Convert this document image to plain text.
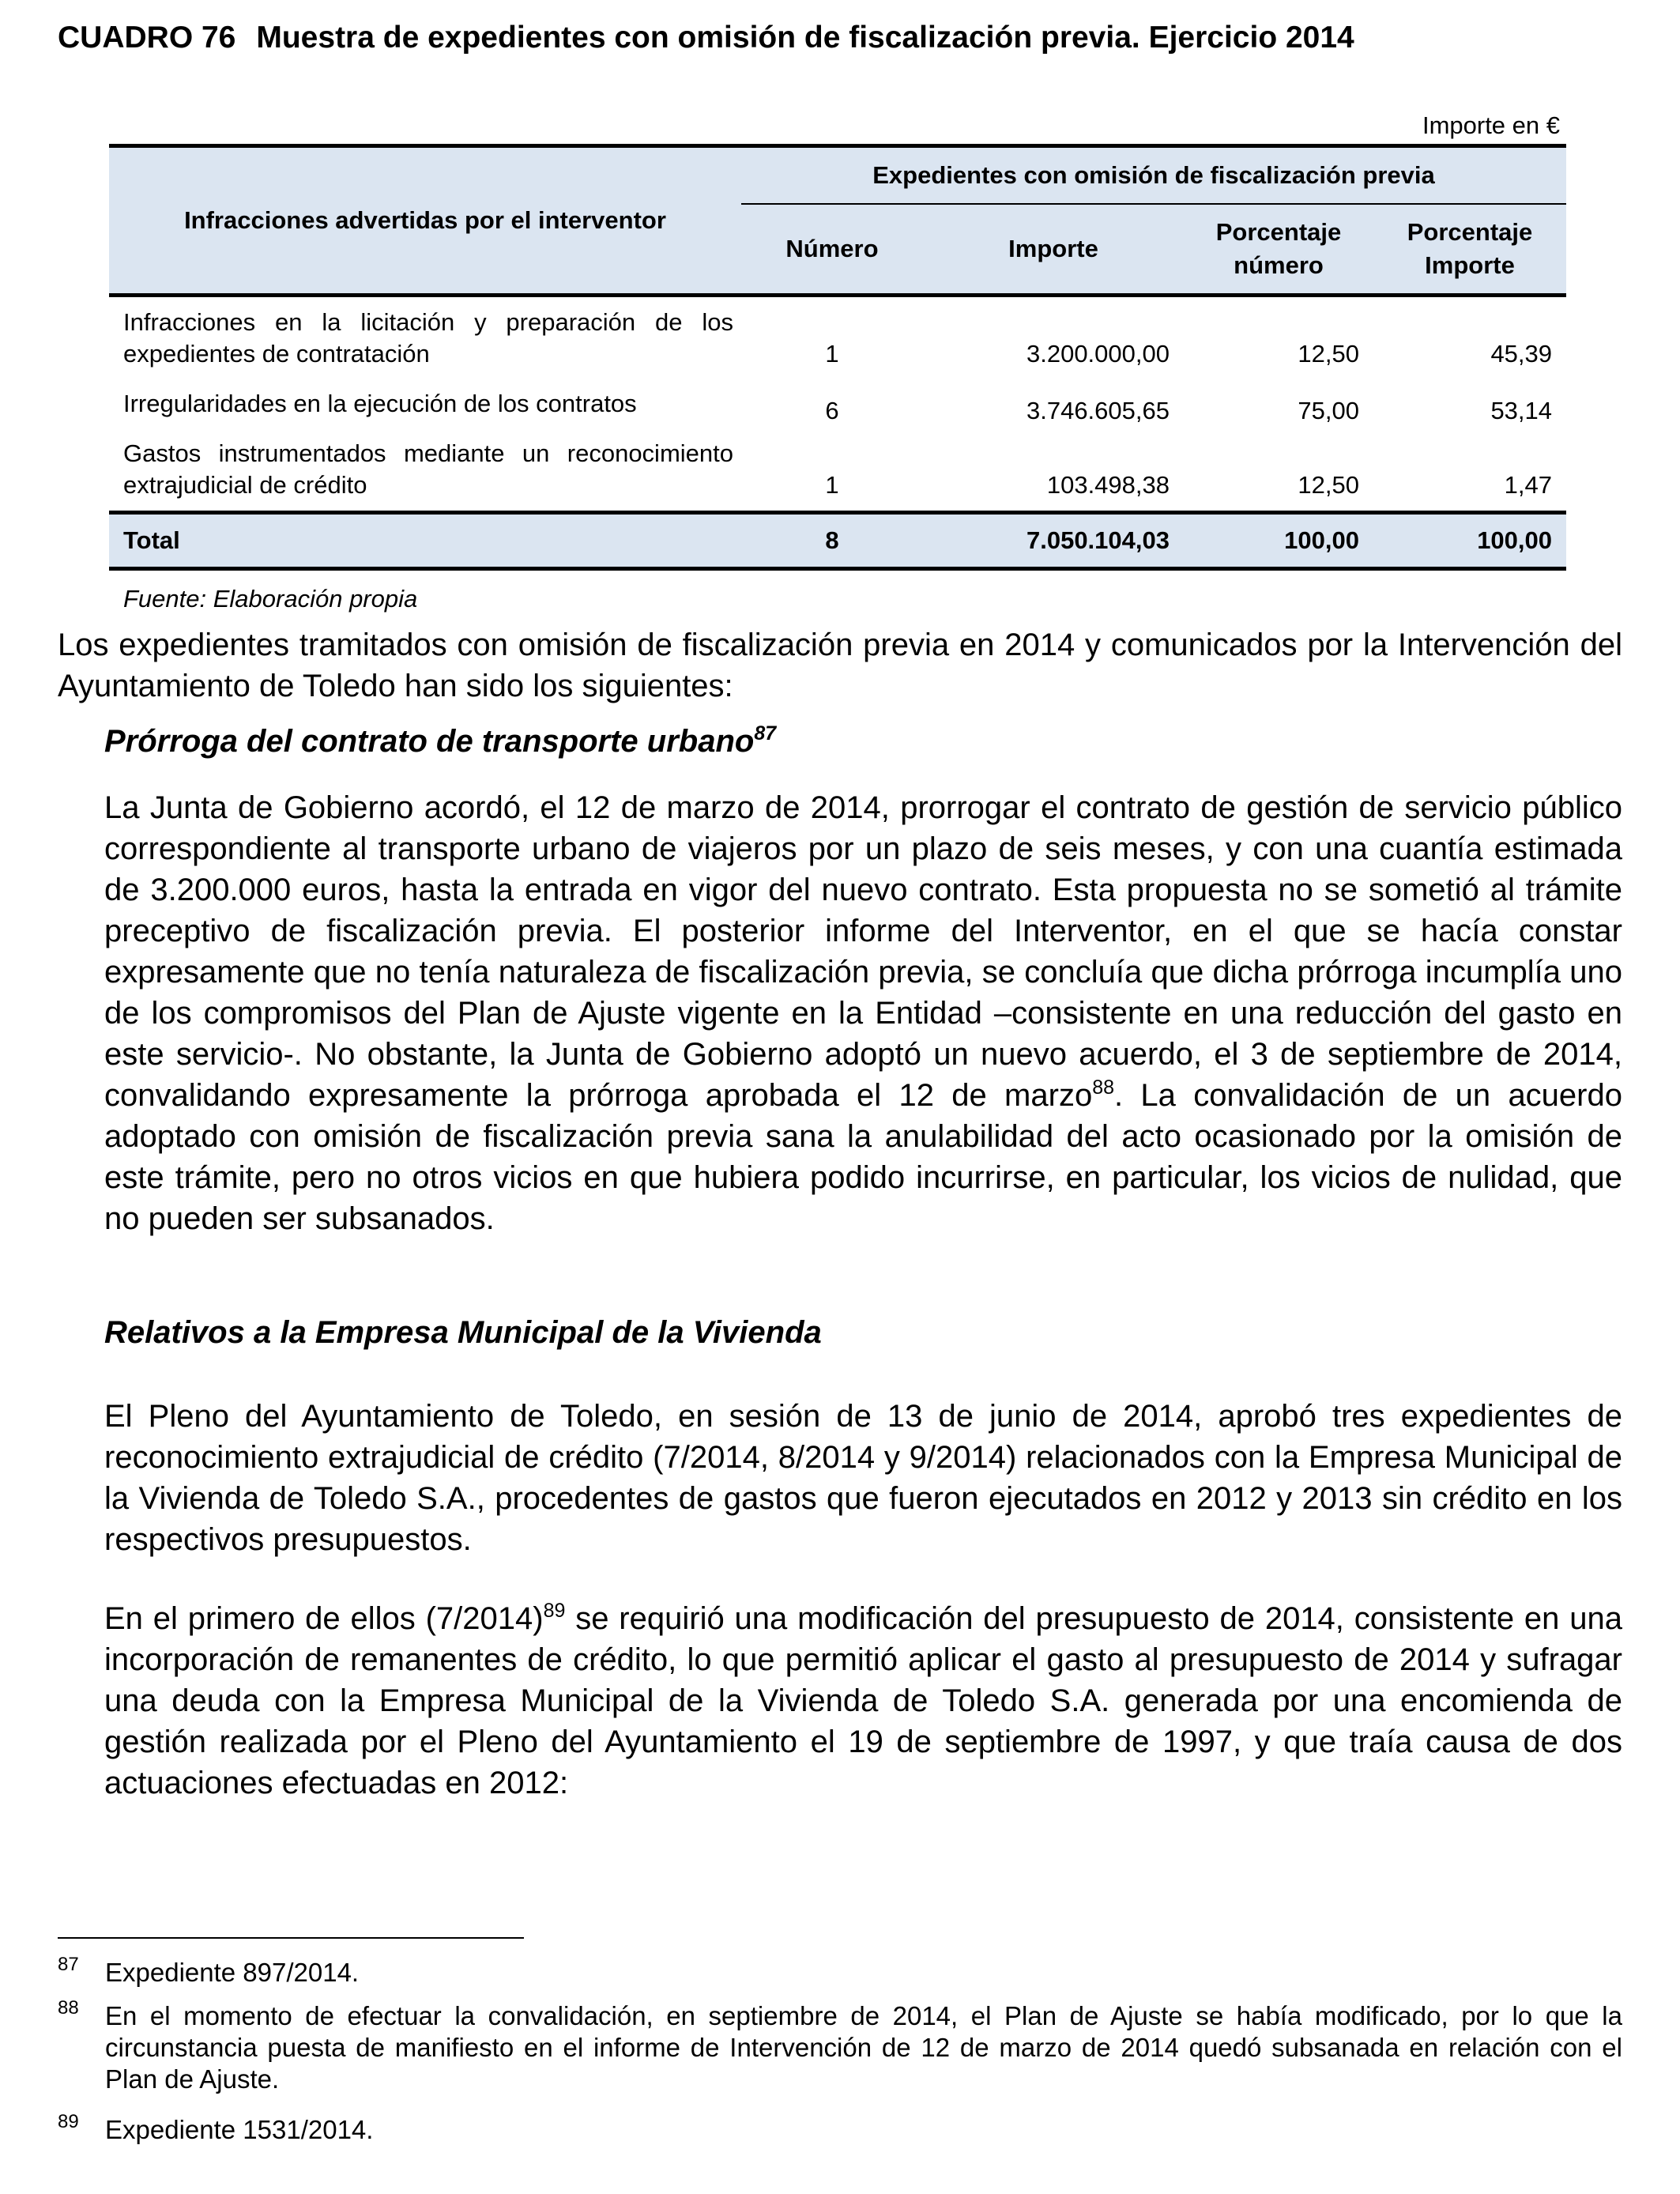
CUADRO 76 Muestra de expedientes con omisión de fiscalización previa. Ejercicio 2014
Importe en €
Infracciones advertidas por el interventor	Expedientes con omisión de fiscalización previa			
	Número	Importe	Porcentaje número	Porcentaje Importe
Infracciones en la licitación y preparación de los expedientes de contratación	1	3.200.000,00	12,50	45,39
Irregularidades en la ejecución de los contratos	6	3.746.605,65	75,00	53,14
Gastos instrumentados mediante un reconocimiento extrajudicial de crédito	1	103.498,38	12,50	1,47
Total	8	7.050.104,03	100,00	100,00
Fuente: Elaboración propia
Los expedientes tramitados con omisión de fiscalización previa en 2014 y comunicados por la Intervención del Ayuntamiento de Toledo han sido los siguientes:
Prórroga del contrato de transporte urbano$^{87}$
La Junta de Gobierno acordó, el 12 de marzo de 2014, prorrogar el contrato de gestión de servicio público correspondiente al transporte urbano de viajeros por un plazo de seis meses, y con una cuantía estimada de 3.200.000 euros, hasta la entrada en vigor del nuevo contrato. Esta propuesta no se sometió al trámite preceptivo de fiscalización previa. El posterior informe del Interventor, en el que se hacía constar expresamente que no tenía naturaleza de fiscalización previa, se concluía que dicha prórroga incumplía uno de los compromisos del Plan de Ajuste vigente en la Entidad –consistente en una reducción del gasto en este servicio-. No obstante, la Junta de Gobierno adoptó un nuevo acuerdo, el 3 de septiembre de 2014, convalidando expresamente la prórroga aprobada el 12 de marzo$^{88}$. La convalidación de un acuerdo adoptado con omisión de fiscalización previa sana la anulabilidad del acto ocasionado por la omisión de este trámite, pero no otros vicios en que hubiera podido incurrirse, en particular, los vicios de nulidad, que no pueden ser subsanados.
Relativos a la Empresa Municipal de la Vivienda
El Pleno del Ayuntamiento de Toledo, en sesión de 13 de junio de 2014, aprobó tres expedientes de reconocimiento extrajudicial de crédito (7/2014, 8/2014 y 9/2014) relacionados con la Empresa Municipal de la Vivienda de Toledo S.A., procedentes de gastos que fueron ejecutados en 2012 y 2013 sin crédito en los respectivos presupuestos.
En el primero de ellos $(7/2014)^{89}$ se requirió una modificación del presupuesto de 2014, consistente en una incorporación de remanentes de crédito, lo que permitió aplicar el gasto al presupuesto de 2014 y sufragar una deuda con la Empresa Municipal de la Vivienda de Toledo S.A. generada por una encomienda de gestión realizada por el Pleno del Ayuntamiento el 19 de septiembre de 1997, y que traía causa de dos actuaciones efectuadas en 2012:
87 Expediente 897/2014.
88 En el momento de efectuar la convalidación, en septiembre de 2014, el Plan de Ajuste se había modificado, por lo que la circunstancia puesta de manifiesto en el informe de Intervención de 12 de marzo de 2014 quedó subsanada en relación con el Plan de Ajuste.
89 Expediente 1531/2014.
